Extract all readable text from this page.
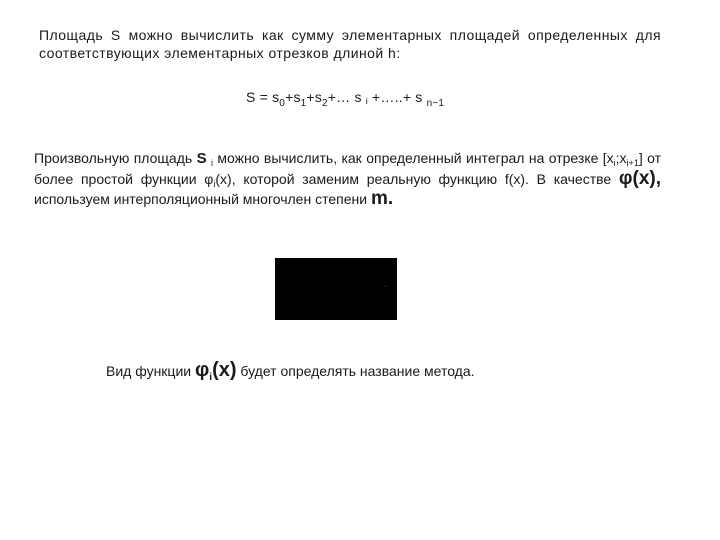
Площадь S можно вычислить как сумму элементарных площадей определенных для соответствующих элементарных отрезков длиной h:
$S = s_0+s_1+s_2+\dots$ s $_i$ +…..+ s $_{n-1}$
Произвольную площадь S $_i$ можно вычислить, как определенный интеграл на отрезке $[x_i;x_{i+1}]$ от более простой функции $\varphi_i(x)$, которой заменим реальную функцию f(x). В качестве φ(x), используем интерполяционный многочлен степени m.
Вид функции $\varphi_i(x)$ будет определять название метода.
